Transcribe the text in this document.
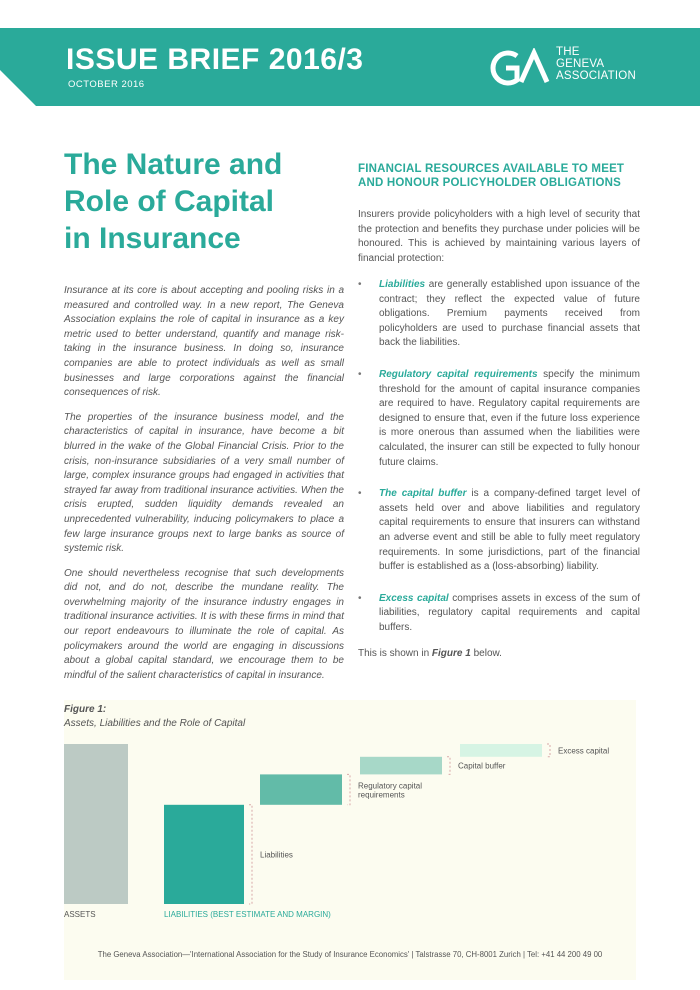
ISSUE BRIEF 2016/3
OCTOBER 2016
THE
GENEVA
ASSOCIATION
The Nature and
Role of Capital
in Insurance

Insurance at its core is about accepting and pooling risks in a measured and controlled way. In a new report, The Geneva Association explains the role of capital in insurance as a key metric used to better understand, quantify and manage risk-taking in the insurance business. In doing so, insurance companies are able to protect individuals as well as small businesses and large corporations against the financial consequences of risk.

The properties of the insurance business model, and the characteristics of capital in insurance, have become a bit blurred in the wake of the Global Financial Crisis. Prior to the crisis, non-insurance subsidiaries of a very small number of large, complex insurance groups had engaged in activities that strayed far away from traditional insurance activities. When the crisis erupted, sudden liquidity demands revealed an unprecedented vulnerability, inducing policymakers to place a few large insurance groups next to large banks as source of systemic risk.

One should nevertheless recognise that such developments did not, and do not, describe the mundane reality. The overwhelming majority of the insurance industry engages in traditional insurance activities. It is with these firms in mind that our report endeavours to illuminate the role of capital. As policymakers around the world are engaging in discussions about a global capital standard, we encourage them to be mindful of the salient characteristics of capital in insurance.

FINANCIAL RESOURCES AVAILABLE TO MEET
AND HONOUR POLICYHOLDER OBLIGATIONS

Insurers provide policyholders with a high level of security that the protection and benefits they purchase under policies will be honoured. This is achieved by maintaining various layers of financial protection:

• Liabilities are generally established upon issuance of the contract; they reflect the expected value of future obligations. Premium payments received from policyholders are used to purchase financial assets that back the liabilities.
• Regulatory capital requirements specify the minimum threshold for the amount of capital insurance companies are required to have. Regulatory capital requirements are designed to ensure that, even if the future loss experience is more onerous than assumed when the liabilities were calculated, the insurer can still be expected to fully honour future claims.
• The capital buffer is a company-defined target level of assets held over and above liabilities and regulatory capital requirements to ensure that insurers can withstand an adverse event and still be able to fully meet regulatory requirements. In some jurisdictions, part of the financial buffer is established as a (loss-absorbing) liability.
• Excess capital comprises assets in excess of the sum of liabilities, regulatory capital requirements and capital buffers.

This is shown in Figure 1 below.

ASSETS	LIABILITIES (BEST ESTIMATE AND MARGIN)
Liabilities
Regulatory capital
requirements
Capital buffer
Excess capital
Figure 1:
Assets, Liabilities and the Role of Capital
The Geneva Association—'International Association for the Study of Insurance Economics' | Talstrasse 70, CH-8001 Zurich | Tel: +41 44 200 49 00
